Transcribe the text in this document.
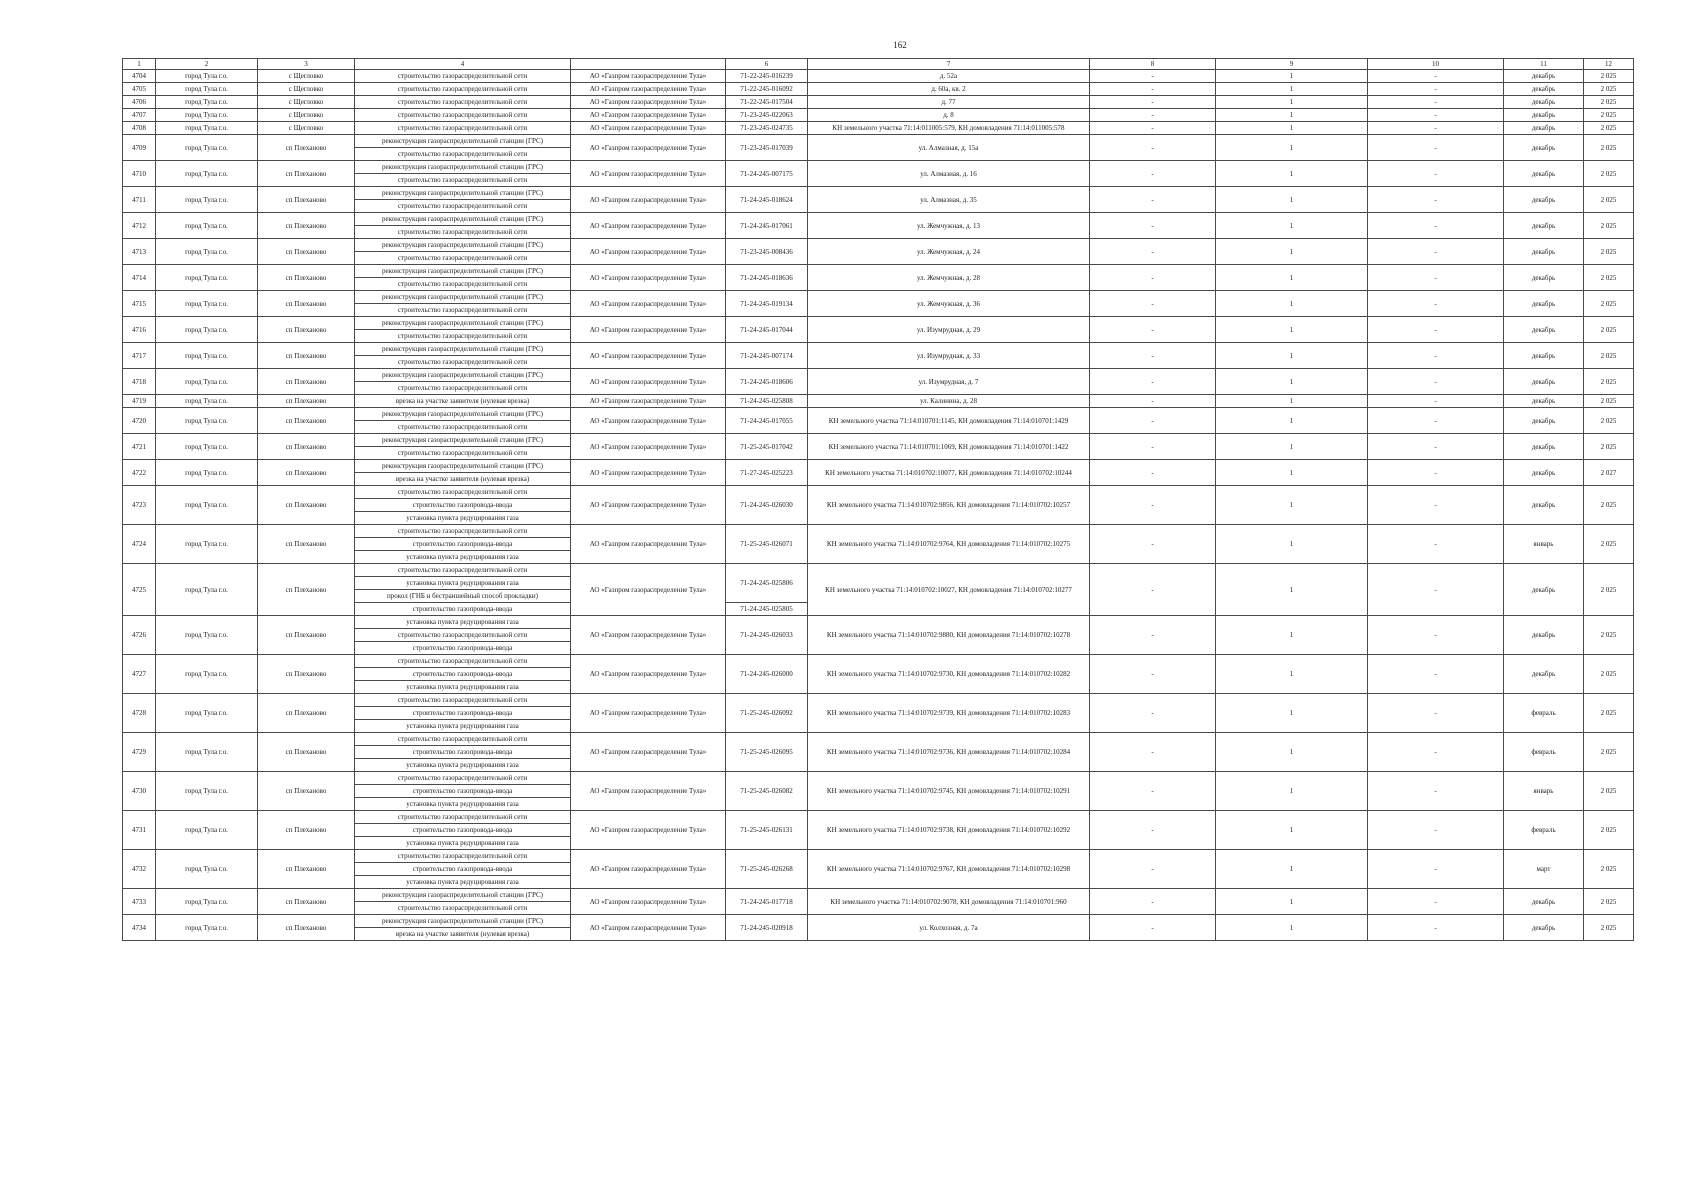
162
1	2	3	4		6	7	8	9	10	11	12
4704	город Тула г.о.	с Щегловко	строительство газораспределительной сети	АО «Газпром газораспределение Тула»	71-22-245-016239	д. 52а	-	1	-	декабрь	2 025
4705	город Тула г.о.	с Щегловко	строительство газораспределительной сети	АО «Газпром газораспределение Тула»	71-22-245-016092	д. 60а, кв. 2	-	1	-	декабрь	2 025
4706	город Тула г.о.	с Щегловко	строительство газораспределительной сети	АО «Газпром газораспределение Тула»	71-22-245-017504	д. 77	-	1	-	декабрь	2 025
4707	город Тула г.о.	с Щегловко	строительство газораспределительной сети	АО «Газпром газораспределение Тула»	71-23-245-022063	д. 8	-	1	-	декабрь	2 025
4708	город Тула г.о.	с Щегловко	строительство газораспределительной сети	АО «Газпром газораспределение Тула»	71-23-245-024735	КН земельного участка 71:14:011005:579, КН домовладения 71:14:011005:578	-	1	-	декабрь	2 025
4709	город Тула г.о.	сп Плеханово	реконструкция газораспределительной станции (ГРС)	АО «Газпром газораспределение Тула»	71-23-245-017039	ул. Алмазная, д. 15а	-	1	-	декабрь	2 025
			строительство газораспределительной сети								
4710	город Тула г.о.	сп Плеханово	реконструкция газораспределительной станции (ГРС)	АО «Газпром газораспределение Тула»	71-24-245-007175	ул. Алмазная, д. 16	-	1	-	декабрь	2 025
			строительство газораспределительной сети								
4711	город Тула г.о.	сп Плеханово	реконструкция газораспределительной станции (ГРС)	АО «Газпром газораспределение Тула»	71-24-245-018624	ул. Алмазная, д. 35	-	1	-	декабрь	2 025
			строительство газораспределительной сети								
4712	город Тула г.о.	сп Плеханово	реконструкция газораспределительной станции (ГРС)	АО «Газпром газораспределение Тула»	71-24-245-017061	ул. Жемчужная, д. 13	-	1	-	декабрь	2 025
			строительство газораспределительной сети								
4713	город Тула г.о.	сп Плеханово	реконструкция газораспределительной станции (ГРС)	АО «Газпром газораспределение Тула»	71-23-245-008436	ул. Жемчужная, д. 24	-	1	-	декабрь	2 025
			строительство газораспределительной сети								
4714	город Тула г.о.	сп Плеханово	реконструкция газораспределительной станции (ГРС)	АО «Газпром газораспределение Тула»	71-24-245-018636	ул. Жемчужная, д. 28	-	1	-	декабрь	2 025
			строительство газораспределительной сети								
4715	город Тула г.о.	сп Плеханово	реконструкция газораспределительной станции (ГРС)	АО «Газпром газораспределение Тула»	71-24-245-019134	ул. Жемчужная, д. 36	-	1	-	декабрь	2 025
			строительство газораспределительной сети								
4716	город Тула г.о.	сп Плеханово	реконструкция газораспределительной станции (ГРС)	АО «Газпром газораспределение Тула»	71-24-245-017044	ул. Изумрудная, д. 29	-	1	-	декабрь	2 025
			строительство газораспределительной сети								
4717	город Тула г.о.	сп Плеханово	реконструкция газораспределительной станции (ГРС)	АО «Газпром газораспределение Тула»	71-24-245-007174	ул. Изумрудная, д. 33	-	1	-	декабрь	2 025
			строительство газораспределительной сети								
4718	город Тула г.о.	сп Плеханово	реконструкция газораспределительной станции (ГРС)	АО «Газпром газораспределение Тула»	71-24-245-018606	ул. Изумрудная, д. 7	-	1	-	декабрь	2 025
			строительство газораспределительной сети								
4719	город Тула г.о.	сп Плеханово	врезка на участке заявителя (нулевая врезка)	АО «Газпром газораспределение Тула»	71-24-245-025808	ул. Калинина, д. 28	-	1	-	декабрь	2 025
4720	город Тула г.о.	сп Плеханово	реконструкция газораспределительной станции (ГРС)	АО «Газпром газораспределение Тула»	71-24-245-017055	КН земельного участка 71:14:010701:1145, КН домовладения 71:14:010701:1429	-	1	-	декабрь	2 025
			строительство газораспределительной сети								
4721	город Тула г.о.	сп Плеханово	реконструкция газораспределительной станции (ГРС)	АО «Газпром газораспределение Тула»	71-25-245-017042	КН земельного участка 71:14:010701:1069, КН домовладения 71:14:010701:1422	-	1	-	декабрь	2 025
			строительство газораспределительной сети								
4722	город Тула г.о.	сп Плеханово	реконструкция газораспределительной станции (ГРС)	АО «Газпром газораспределение Тула»	71-27-245-025223	КН земельного участка 71:14:010702:10077, КН домовладения 71:14:010702:10244	-	1	-	декабрь	2 027
			врезка на участке заявителя (нулевая врезка)								
4723	город Тула г.о.	сп Плеханово	строительство газораспределительной сети	АО «Газпром газораспределение Тула»	71-24-245-026030	КН земельного участка 71:14:010702:9856, КН домовладения 71:14:010702:10257	-	1	-	декабрь	2 025
			строительство газопровода-ввода								
			установка пункта редуцирования газа								
4724	город Тула г.о.	сп Плеханово	строительство газораспределительной сети	АО «Газпром газораспределение Тула»	71-25-245-026071	КН земельного участка 71:14:010702:9764, КН домовладения 71:14:010702:10275	-	1	-	январь	2 025
			строительство газопровода-ввода								
			установка пункта редуцирования газа								
4725	город Тула г.о.	сп Плеханово	строительство газораспределительной сети	АО «Газпром газораспределение Тула»	71-24-245-025806	КН земельного участка 71:14:010702:10027, КН домовладения 71:14:010702:10277	-	1	-	декабрь	2 025
			установка пункта редуцирования газа								
			прокол (ГНБ и бестраншейный способ прокладки)								
			строительство газопровода-ввода		71-24-245-025805						
4726	город Тула г.о.	сп Плеханово	установка пункта редуцирования газа	АО «Газпром газораспределение Тула»	71-24-245-026033	КН земельного участка 71:14:010702:9880, КН домовладения 71:14:010702:10278	-	1	-	декабрь	2 025
			строительство газораспределительной сети								
			строительство газопровода-ввода								
4727	город Тула г.о.	сп Плеханово	строительство газораспределительной сети	АО «Газпром газораспределение Тула»	71-24-245-026000	КН земельного участка 71:14:010702:9730, КН домовладения 71:14:010702:10282	-	1	-	декабрь	2 025
			строительство газопровода-ввода								
			установка пункта редуцирования газа								
4728	город Тула г.о.	сп Плеханово	строительство газораспределительной сети	АО «Газпром газораспределение Тула»	71-25-245-026092	КН земельного участка 71:14:010702:9739, КН домовладения 71:14:010702:10283	-	1	-	февраль	2 025
			строительство газопровода-ввода								
			установка пункта редуцирования газа								
4729	город Тула г.о.	сп Плеханово	строительство газораспределительной сети	АО «Газпром газораспределение Тула»	71-25-245-026095	КН земельного участка 71:14:010702:9736, КН домовладения 71:14:010702:10284	-	1	-	февраль	2 025
			строительство газопровода-ввода								
			установка пункта редуцирования газа								
4730	город Тула г.о.	сп Плеханово	строительство газораспределительной сети	АО «Газпром газораспределение Тула»	71-25-245-026082	КН земельного участка 71:14:010702:9745, КН домовладения 71:14:010702:10291	-	1	-	январь	2 025
			строительство газопровода-ввода								
			установка пункта редуцирования газа								
4731	город Тула г.о.	сп Плеханово	строительство газораспределительной сети	АО «Газпром газораспределение Тула»	71-25-245-026131	КН земельного участка 71:14:010702:9738, КН домовладения 71:14:010702:10292	-	1	-	февраль	2 025
			строительство газопровода-ввода								
			установка пункта редуцирования газа								
4732	город Тула г.о.	сп Плеханово	строительство газораспределительной сети	АО «Газпром газораспределение Тула»	71-25-245-026268	КН земельного участка 71:14:010702:9767, КН домовладения 71:14:010702:10298	-	1	-	март	2 025
			строительство газопровода-ввода								
			установка пункта редуцирования газа								
4733	город Тула г.о.	сп Плеханово	реконструкция газораспределительной станции (ГРС)	АО «Газпром газораспределение Тула»	71-24-245-017718	КН земельного участка 71:14:010702:9078, КН домовладения 71:14:010701:960	-	1	-	декабрь	2 025
			строительство газораспределительной сети								
4734	город Тула г.о.	сп Плеханово	реконструкция газораспределительной станции (ГРС)	АО «Газпром газораспределение Тула»	71-24-245-020918	ул. Колхозная, д. 7а	-	1	-	декабрь	2 025
			врезка на участке заявителя (нулевая врезка)								
